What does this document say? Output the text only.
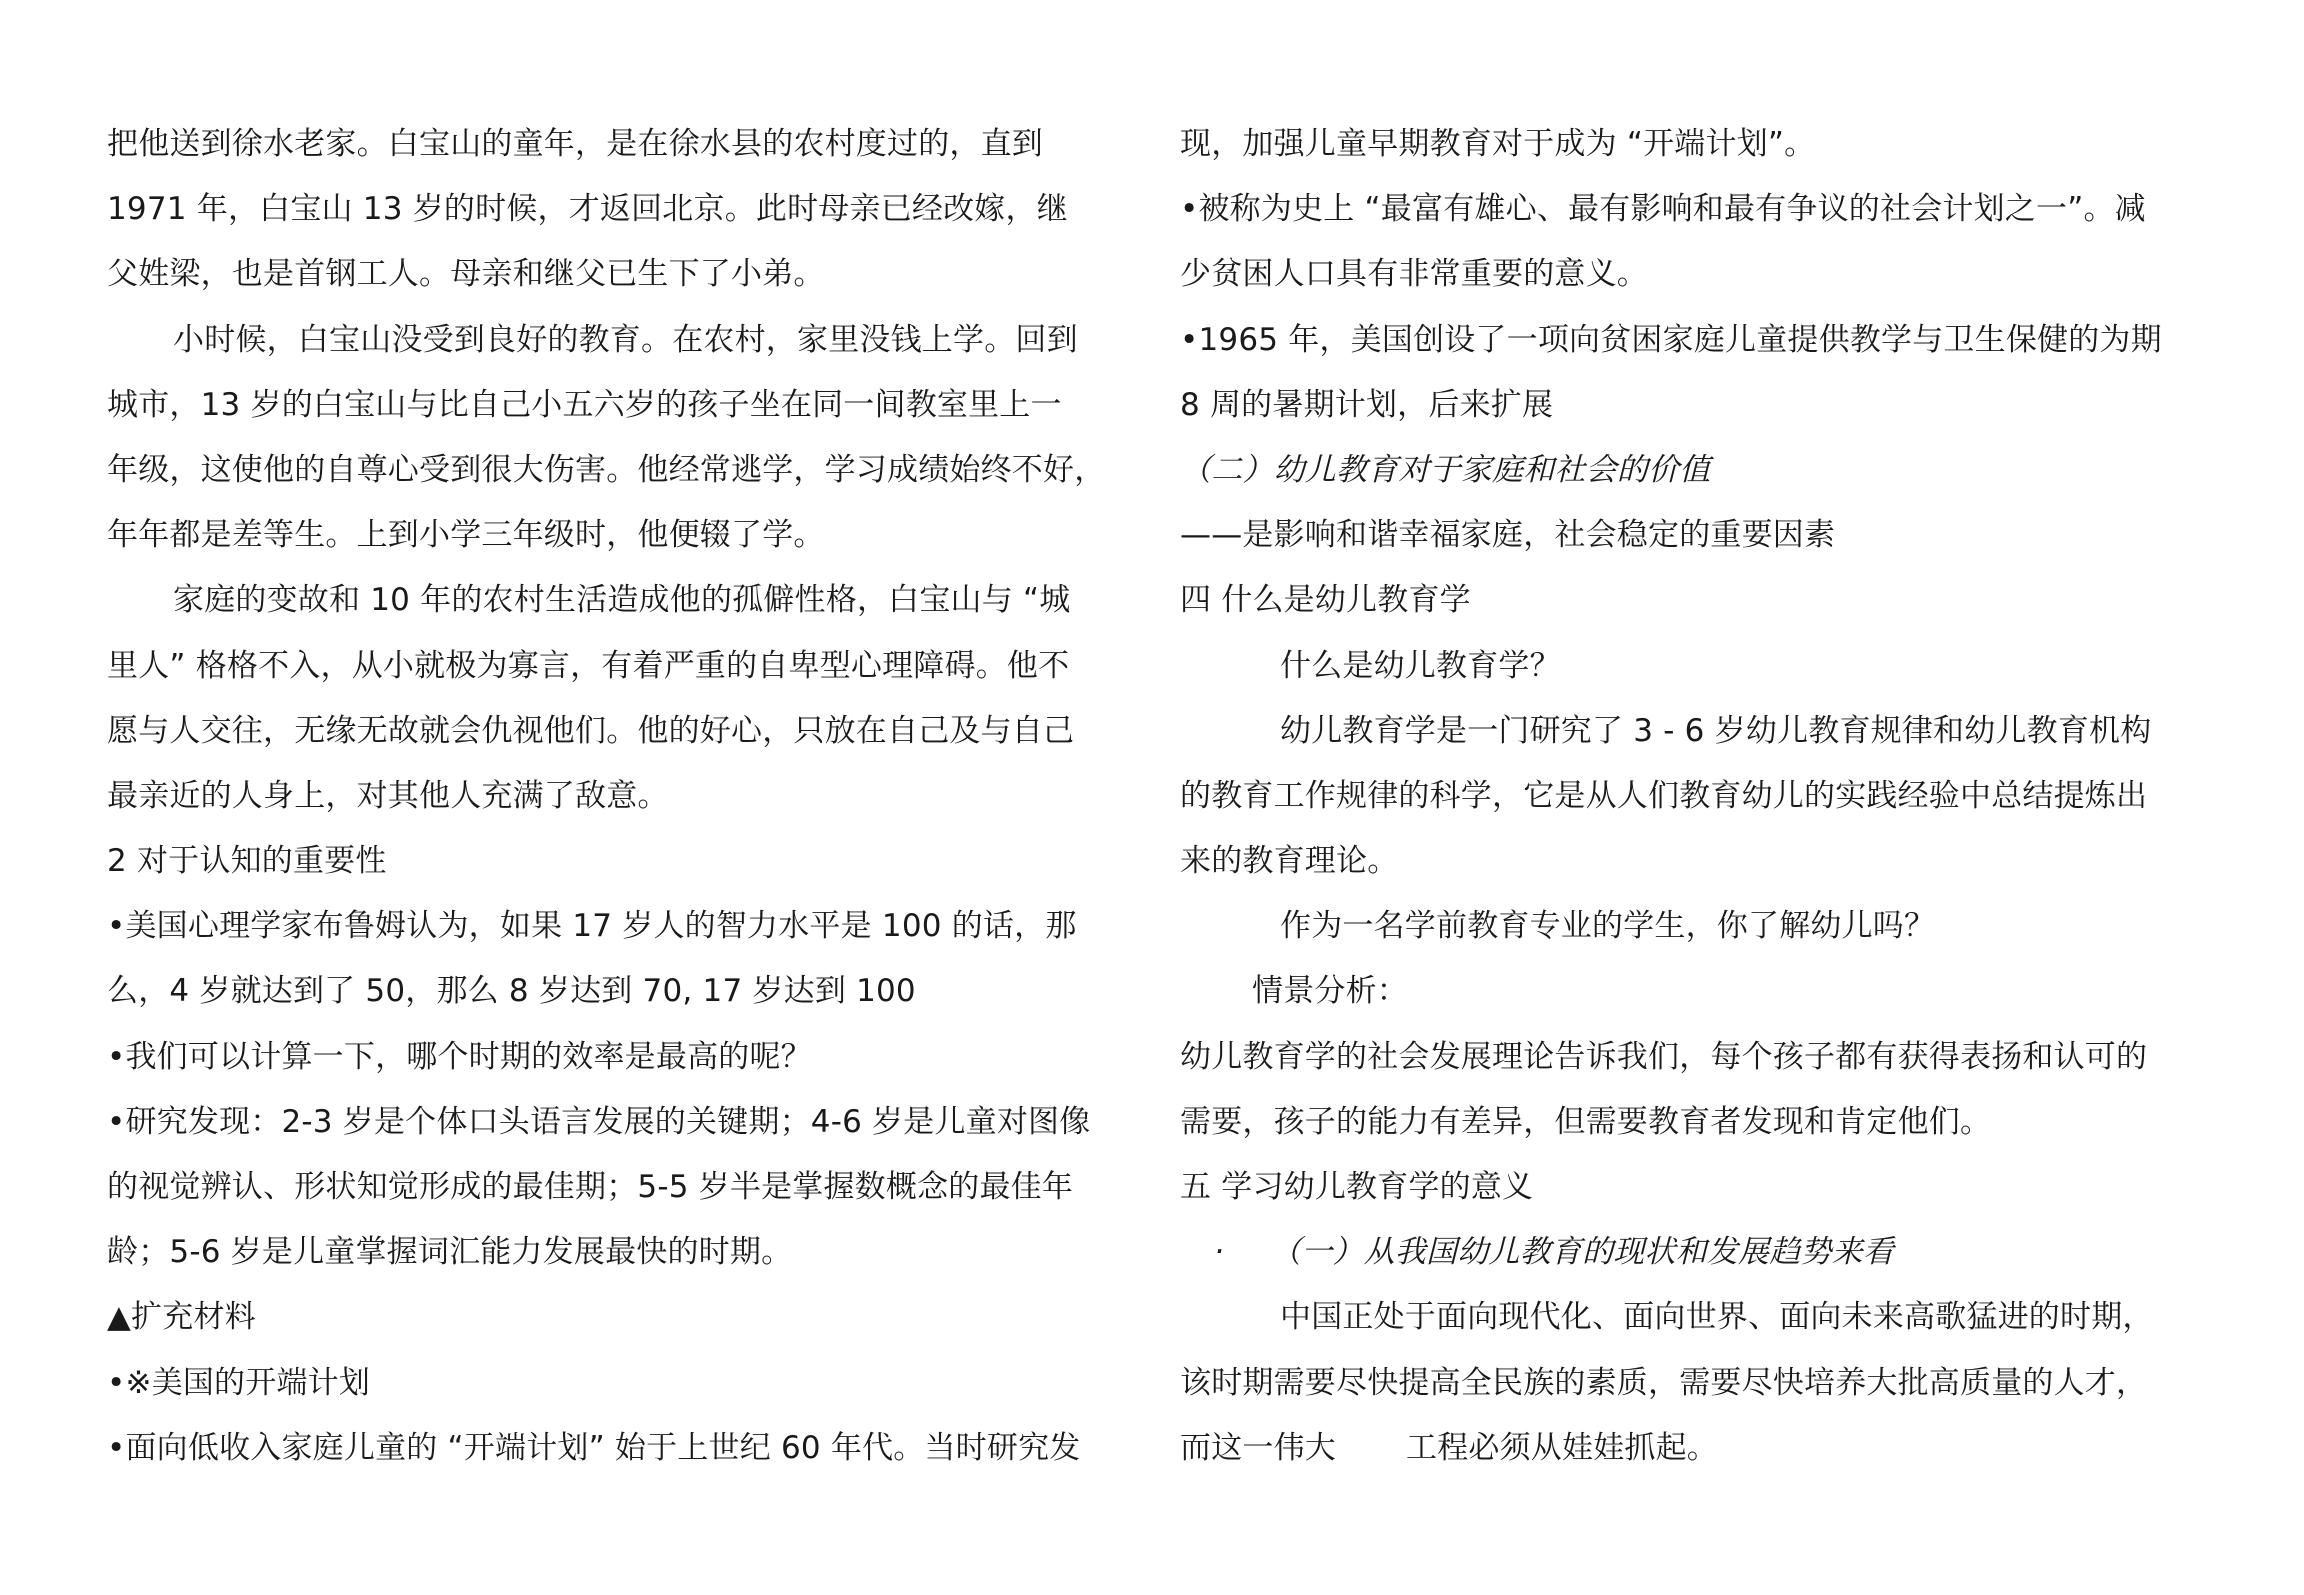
把他送到徐水老家。白宝山的童年，是在徐水县的农村度过的，直到
1971 年，白宝山 13 岁的时候，才返回北京。此时母亲已经改嫁，继
父姓梁，也是首钢工人。母亲和继父已生下了小弟。
小时候，白宝山没受到良好的教育。在农村，家里没钱上学。回到
城市，13 岁的白宝山与比自己小五六岁的孩子坐在同一间教室里上一
年级，这使他的自尊心受到很大伤害。他经常逃学，学习成绩始终不好，
年年都是差等生。上到小学三年级时，他便辍了学。
家庭的变故和 10 年的农村生活造成他的孤僻性格，白宝山与 “城
里人” 格格不入，从小就极为寡言，有着严重的自卑型心理障碍。他不
愿与人交往，无缘无故就会仇视他们。他的好心，只放在自己及与自己
最亲近的人身上，对其他人充满了敌意。
2 对于认知的重要性
•美国心理学家布鲁姆认为，如果 17 岁人的智力水平是 100 的话，那
么，4 岁就达到了 50，那么 8 岁达到 70, 17 岁达到 100
•我们可以计算一下，哪个时期的效率是最高的呢？
•研究发现：2-3 岁是个体口头语言发展的关键期；4-6 岁是儿童对图像
的视觉辨认、形状知觉形成的最佳期；5-5 岁半是掌握数概念的最佳年
龄；5-6 岁是儿童掌握词汇能力发展最快的时期。
▲扩充材料
•※美国的开端计划
•面向低收入家庭儿童的 “开端计划” 始于上世纪 60 年代。当时研究发
现，加强儿童早期教育对于成为 “开端计划”。
•被称为史上 “最富有雄心、最有影响和最有争议的社会计划之一”。减
少贫困人口具有非常重要的意义。
•1965 年，美国创设了一项向贫困家庭儿童提供教学与卫生保健的为期
8 周的暑期计划，后来扩展
（二）幼儿教育对于家庭和社会的价值
——是影响和谐幸福家庭，社会稳定的重要因素
四 什么是幼儿教育学
什么是幼儿教育学？
幼儿教育学是一门研究了 3 - 6 岁幼儿教育规律和幼儿教育机构
的教育工作规律的科学，它是从人们教育幼儿的实践经验中总结提炼出
来的教育理论。
作为一名学前教育专业的学生，你了解幼儿吗？
情景分析：
幼儿教育学的社会发展理论告诉我们，每个孩子都有获得表扬和认可的
需要，孩子的能力有差异，但需要教育者发现和肯定他们。
五 学习幼儿教育学的意义
· （一）从我国幼儿教育的现状和发展趋势来看
中国正处于面向现代化、面向世界、面向未来高歌猛进的时期，
该时期需要尽快提高全民族的素质，需要尽快培养大批高质量的人才，
而这一伟大 工程必须从娃娃抓起。
